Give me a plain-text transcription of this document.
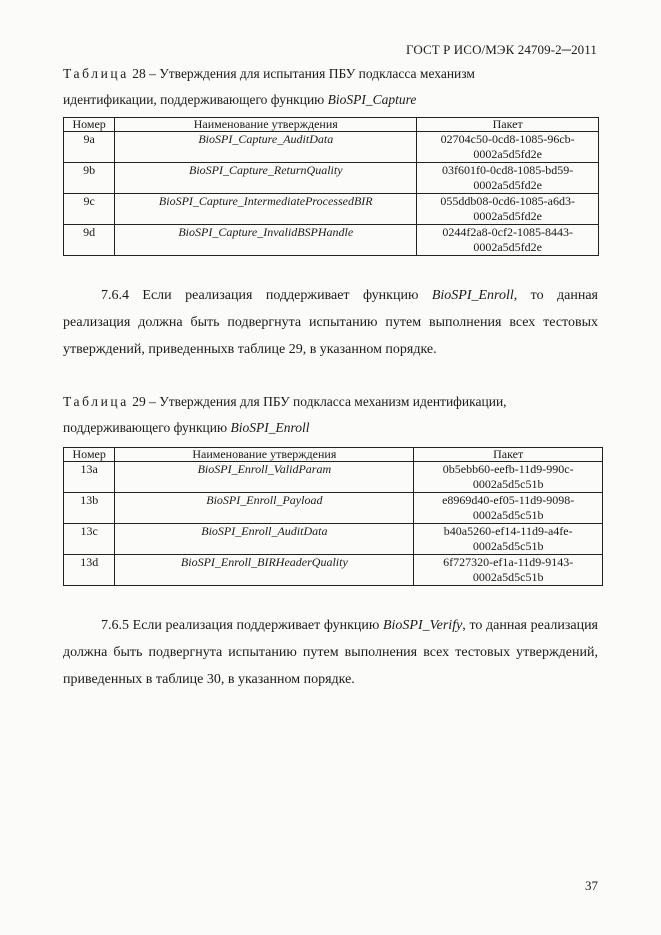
ГОСТ Р ИСО/МЭК 24709-2─2011
Таблица 28 – Утверждения для испытания ПБУ подкласса механизм
идентификации, поддерживающего функцию BioSPI_Capture
Номер	Наименование утверждения	Пакет
9a	BioSPI_Capture_AuditData	02704c50-0cd8-1085-96cb-
0002a5d5fd2e

9b	BioSPI_Capture_ReturnQuality	03f601f0-0cd8-1085-bd59-
0002a5d5fd2e

9c	BioSPI_Capture_IntermediateProcessedBIR	055ddb08-0cd6-1085-a6d3-
0002a5d5fd2e

9d	BioSPI_Capture_InvalidBSPHandle	0244f2a8-0cf2-1085-8443-
0002a5d5fd2e
7.6.4 Если реализация поддерживает функцию BioSPI_Enroll, то данная реализация должна быть подвергнута испытанию путем выполнения всех тестовых утверждений, приведенныхв таблице 29, в указанном порядке.
Таблица 29 – Утверждения для ПБУ подкласса механизм идентификации,
поддерживающего функцию BioSPI_Enroll
Номер	Наименование утверждения	Пакет
13a	BioSPI_Enroll_ValidParam	0b5ebb60-eefb-11d9-990c-
0002a5d5c51b

13b	BioSPI_Enroll_Payload	e8969d40-ef05-11d9-9098-
0002a5d5c51b

13c	BioSPI_Enroll_AuditData	b40a5260-ef14-11d9-a4fe-
0002a5d5c51b

13d	BioSPI_Enroll_BIRHeaderQuality	6f727320-ef1a-11d9-9143-
0002a5d5c51b
7.6.5 Если реализация поддерживает функцию BioSPI_Verify, то данная реализация должна быть подвергнута испытанию путем выполнения всех тестовых утверждений, приведенных в таблице 30, в указанном порядке.
37
